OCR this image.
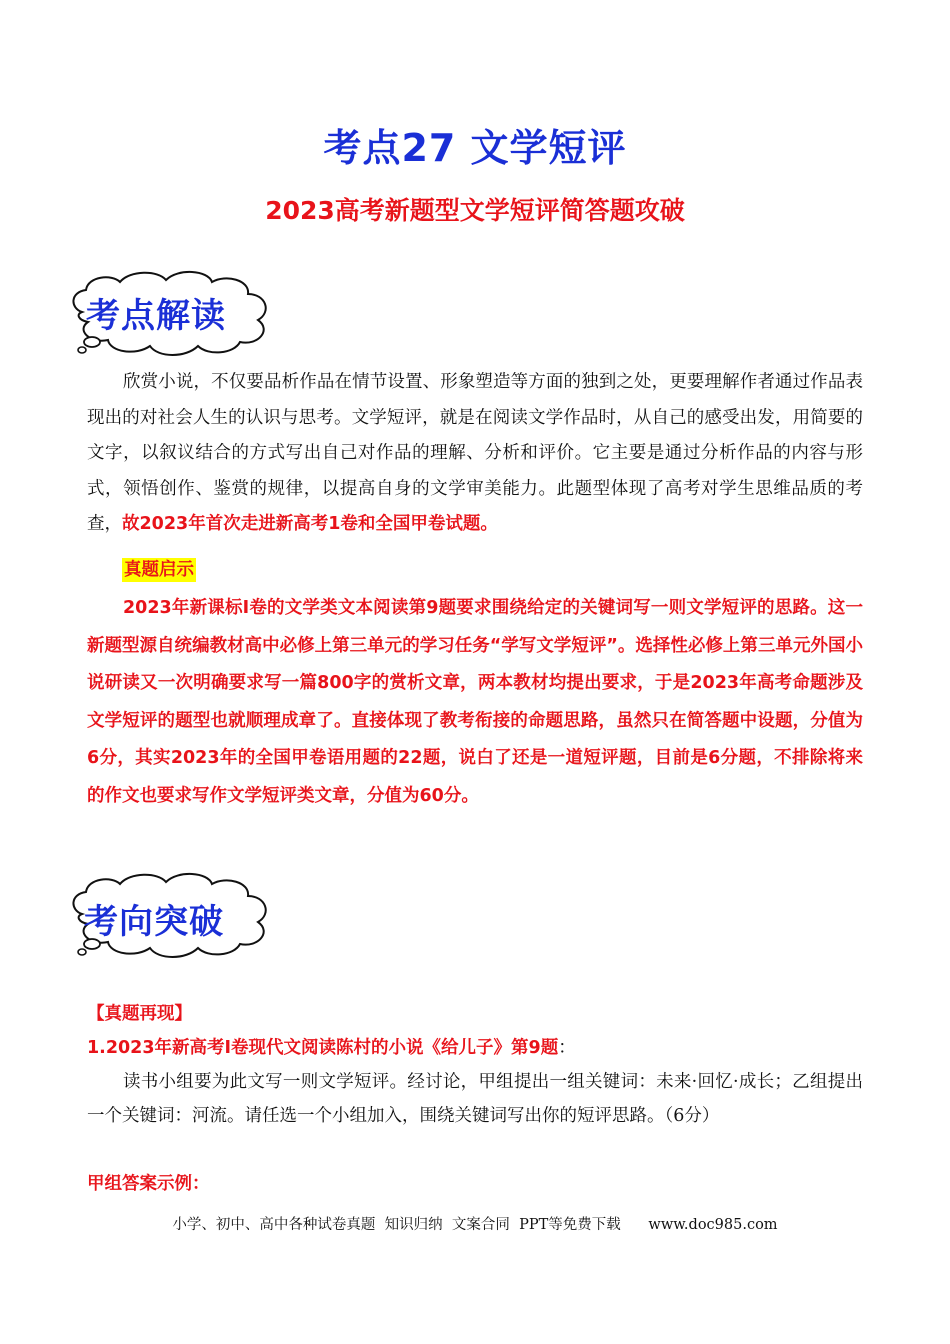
考点27 文学短评
2023高考新题型文学短评简答题攻破
考点解读

欣赏小说，不仅要品析作品在情节设置、形象塑造等方面的独到之处，更要理解作者通过作品表现出的对社会人生的认识与思考。文学短评，就是在阅读文学作品时，从自己的感受出发，用简要的文字，以叙议结合的方式写出自己对作品的理解、分析和评价。它主要是通过分析作品的内容与形式，领悟创作、鉴赏的规律，以提高自身的文学审美能力。此题型体现了高考对学生思维品质的考查，故2023年首次走进新高考1卷和全国甲卷试题。

真题启示

2023年新课标Ⅰ卷的文学类文本阅读第9题要求围绕给定的关键词写一则文学短评的思路。这一新题型源自统编教材高中必修上第三单元的学习任务“学写文学短评”。选择性必修上第三单元外国小说研读又一次明确要求写一篇800字的赏析文章，两本教材均提出要求，于是2023年高考命题涉及文学短评的题型也就顺理成章了。直接体现了教考衔接的命题思路，虽然只在简答题中设题，分值为6分，其实2023年的全国甲卷语用题的22题，说白了还是一道短评题，目前是6分题，不排除将来的作文也要求写作文学短评类文章，分值为60分。

考向突破
【真题再现】
1.2023年新高考Ⅰ卷现代文阅读陈村的小说《给儿子》第9题：

读书小组要为此文写一则文学短评。经讨论，甲组提出一组关键词：未来·回忆·成长；乙组提出一个关键词：河流。请任选一个小组加入，围绕关键词写出你的短评思路。（6分）

甲组答案示例：
小学、初中、高中各种试卷真题  知识归纳  文案合同  PPT等免费下载      www.doc985.com
